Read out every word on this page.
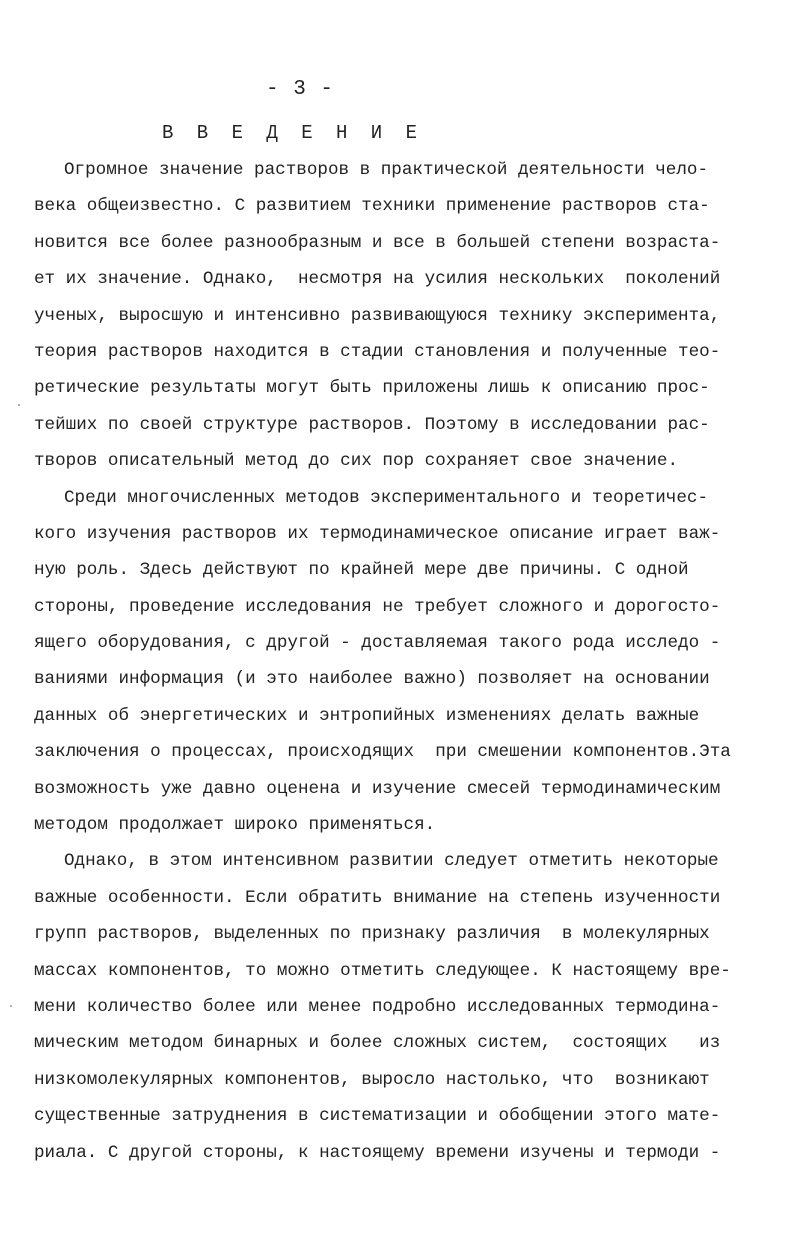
- 3 -
В В Е Д Е Н И Е
Огромное значение растворов в практической деятельности чело-
века общеизвестно. С развитием техники применение растворов ста-
новится все более разнообразным и все в большей степени возраста-
ет их значение. Однако,  несмотря на усилия нескольких  поколений
ученых, выросшую и интенсивно развивающуюся технику эксперимента,
теория растворов находится в стадии становления и полученные тео-
ретические результаты могут быть приложены лишь к описанию прос-
тейших по своей структуре растворов. Поэтому в исследовании рас-
творов описательный метод до сих пор сохраняет свое значение.
Среди многочисленных методов экспериментального и теоретичес-
кого изучения растворов их термодинамическое описание играет важ-
ную роль. Здесь действуют по крайней мере две причины. С одной
стороны, проведение исследования не требует сложного и дорогосто-
ящего оборудования, с другой - доставляемая такого рода исследо -
ваниями информация (и это наиболее важно) позволяет на основании
данных об энергетических и энтропийных изменениях делать важные
заключения о процессах, происходящих  при смешении компонентов.Эта
возможность уже давно оценена и изучение смесей термодинамическим
методом продолжает широко применяться.
Однако, в этом интенсивном развитии следует отметить некоторые
важные особенности. Если обратить внимание на степень изученности
групп растворов, выделенных по признаку различия  в молекулярных
массах компонентов, то можно отметить следующее. К настоящему вре-
мени количество более или менее подробно исследованных термодина-
мическим методом бинарных и более сложных систем,  состоящих   из
низкомолекулярных компонентов, выросло настолько, что  возникают
существенные затруднения в систематизации и обобщении этого мате-
риала. С другой стороны, к настоящему времени изучены и термоди -
